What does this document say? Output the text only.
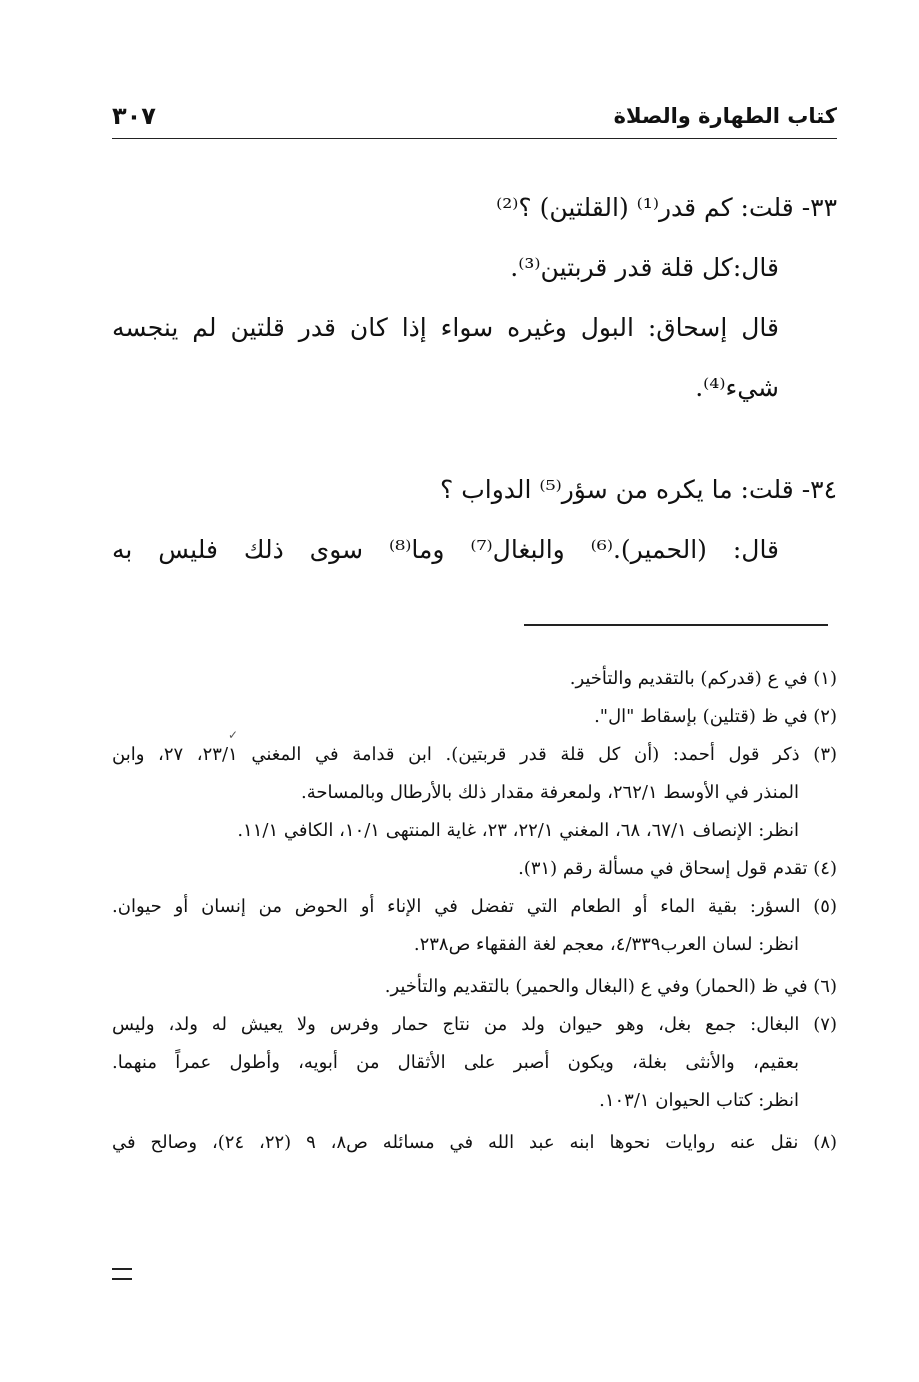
كتاب الطهارة والصلاة
٣٠٧
٣٣- قلت: كم قدر⁽¹⁾ (القلتين) ؟⁽²⁾
قال:كل قلة قدر قربتين⁽³⁾.
قال إسحاق: البول وغيره سواء إذا كان قدر قلتين لم ينجسه
شيء⁽⁴⁾.
٣٤- قلت: ما يكره من سؤر⁽⁵⁾ الدواب ؟
قال: (الحمير).⁽⁶⁾ والبغال⁽⁷⁾ وما⁽⁸⁾ سوى ذلك فليس به
✓
(١) في ع (قدركم) بالتقديم والتأخير.
(٢) في ظ (قتلين) بإسقاط "ال".
(٣) ذكر قول أحمد: (أن كل قلة قدر قربتين). ابن قدامة في المغني ٢٣/١، ٢٧، وابن
المنذر في الأوسط ٢٦٢/١، ولمعرفة مقدار ذلك بالأرطال وبالمساحة.
انظر: الإنصاف ٦٧/١، ٦٨، المغني ٢٢/١، ٢٣، غاية المنتهى ١٠/١، الكافي ١١/١.
(٤) تقدم قول إسحاق في مسألة رقم (٣١).
(٥) السؤر: بقية الماء أو الطعام التي تفضل في الإناء أو الحوض من إنسان أو حيوان.
انظر: لسان العرب٤/٣٣٩، معجم لغة الفقهاء ص٢٣٨.
(٦) في ظ (الحمار) وفي ع (البغال والحمير) بالتقديم والتأخير.
(٧) البغال: جمع بغل، وهو حيوان ولد من نتاج حمار وفرس ولا يعيش له ولد، وليس
بعقيم، والأنثى بغلة، ويكون أصبر على الأثقال من أبويه، وأطول عمراً منهما.
انظر: كتاب الحيوان ١٠٣/١.
(٨) نقل عنه روايات نحوها ابنه عبد الله في مسائله ص٨، ٩ (٢٢، ٢٤)، وصالح في
